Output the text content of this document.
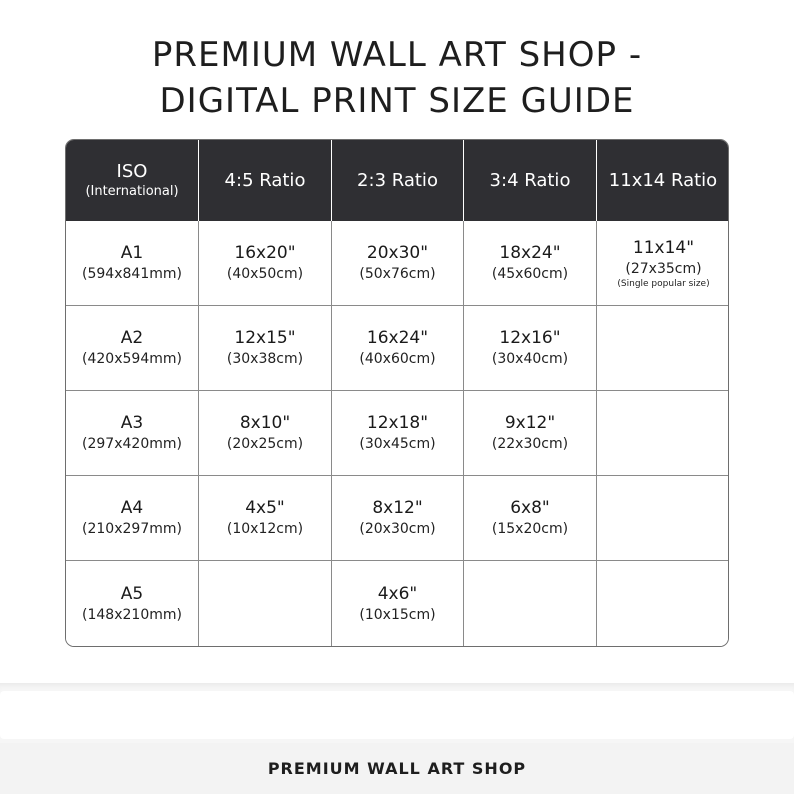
PREMIUM WALL ART SHOP -
DIGITAL PRINT SIZE GUIDE
ISO
(International)
4:5 Ratio	2:3 Ratio	3:4 Ratio 11x14 Ratio
A1
(594x841mm)
16x20"
(40x50cm)
20x30"
(50x76cm)
18x24"
(45x60cm)
11x14"
(27x35cm)
(Single popular size)
A2
(420x594mm)
12x15"
(30x38cm)
16x24"
(40x60cm)
12x16"
(30x40cm)
A3
(297x420mm)
8x10"
(20x25cm)
12x18"
(30x45cm)
9x12"
(22x30cm)
A4
(210x297mm)
4x5"
(10x12cm)
8x12"
(20x30cm)
6x8"
(15x20cm)
A5
(148x210mm)
4x6"
(10x15cm)
PREMIUM WALL ART SHOP
